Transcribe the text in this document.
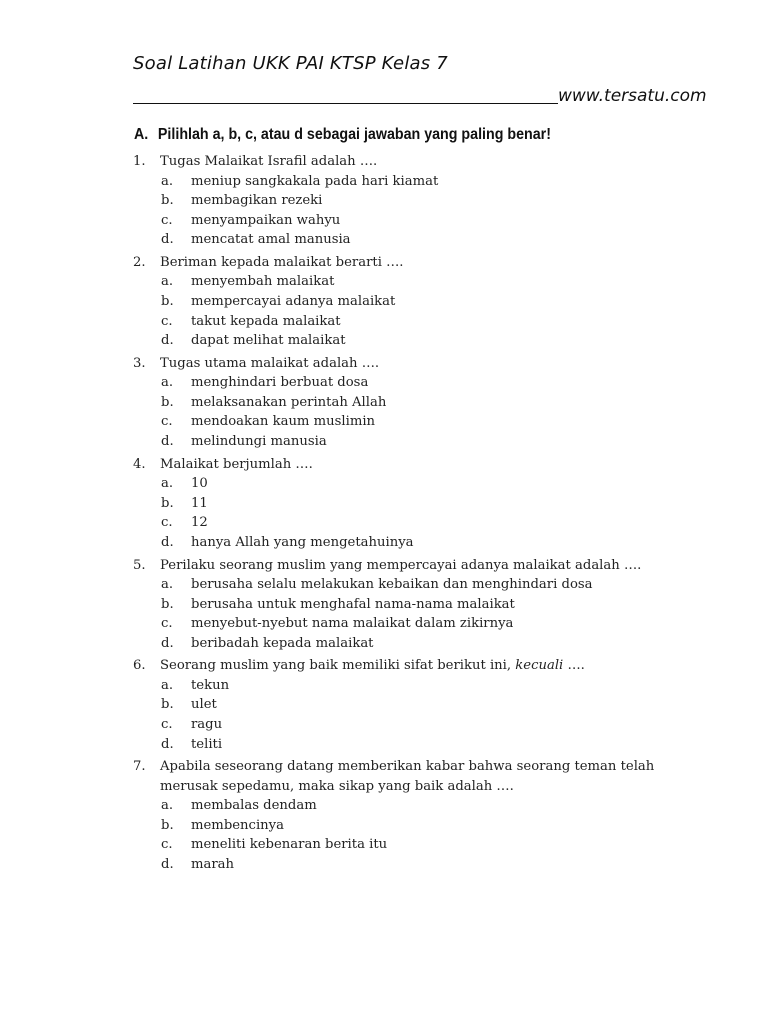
Soal Latihan UKK PAI KTSP Kelas 7
www.tersatu.com
A. Pilihlah a, b, c, atau d sebagai jawaban yang paling benar!
1.	Tugas Malaikat Israfil adalah ….
a.	meniup sangkakala pada hari kiamat
b.	membagikan rezeki
c.	menyampaikan wahyu
d.	mencatat amal manusia
2.	Beriman kepada malaikat berarti ….
a.	menyembah malaikat
b.	mempercayai adanya malaikat
c.	takut kepada malaikat
d.	dapat melihat malaikat
3.	Tugas utama malaikat adalah ….
a.	menghindari berbuat dosa
b.	melaksanakan perintah Allah
c.	mendoakan kaum muslimin
d.	melindungi manusia
4.	Malaikat berjumlah ….
a.	10
b.	11
c.	12
d.	hanya Allah yang mengetahuinya
5.	Perilaku seorang muslim yang mempercayai adanya malaikat adalah ….
a.	berusaha selalu melakukan kebaikan dan menghindari dosa
b.	berusaha untuk menghafal nama-nama malaikat
c.	menyebut-nyebut nama malaikat dalam zikirnya
d.	beribadah kepada malaikat
6.	Seorang muslim yang baik memiliki sifat berikut ini, kecuali ….
a.	tekun
b.	ulet
c.	ragu
d.	teliti
7.	Apabila seseorang datang memberikan kabar bahwa seorang teman telah merusak sepedamu, maka sikap yang baik adalah ….
a.	membalas dendam
b.	membencinya
c.	meneliti kebenaran berita itu
d.	marah
